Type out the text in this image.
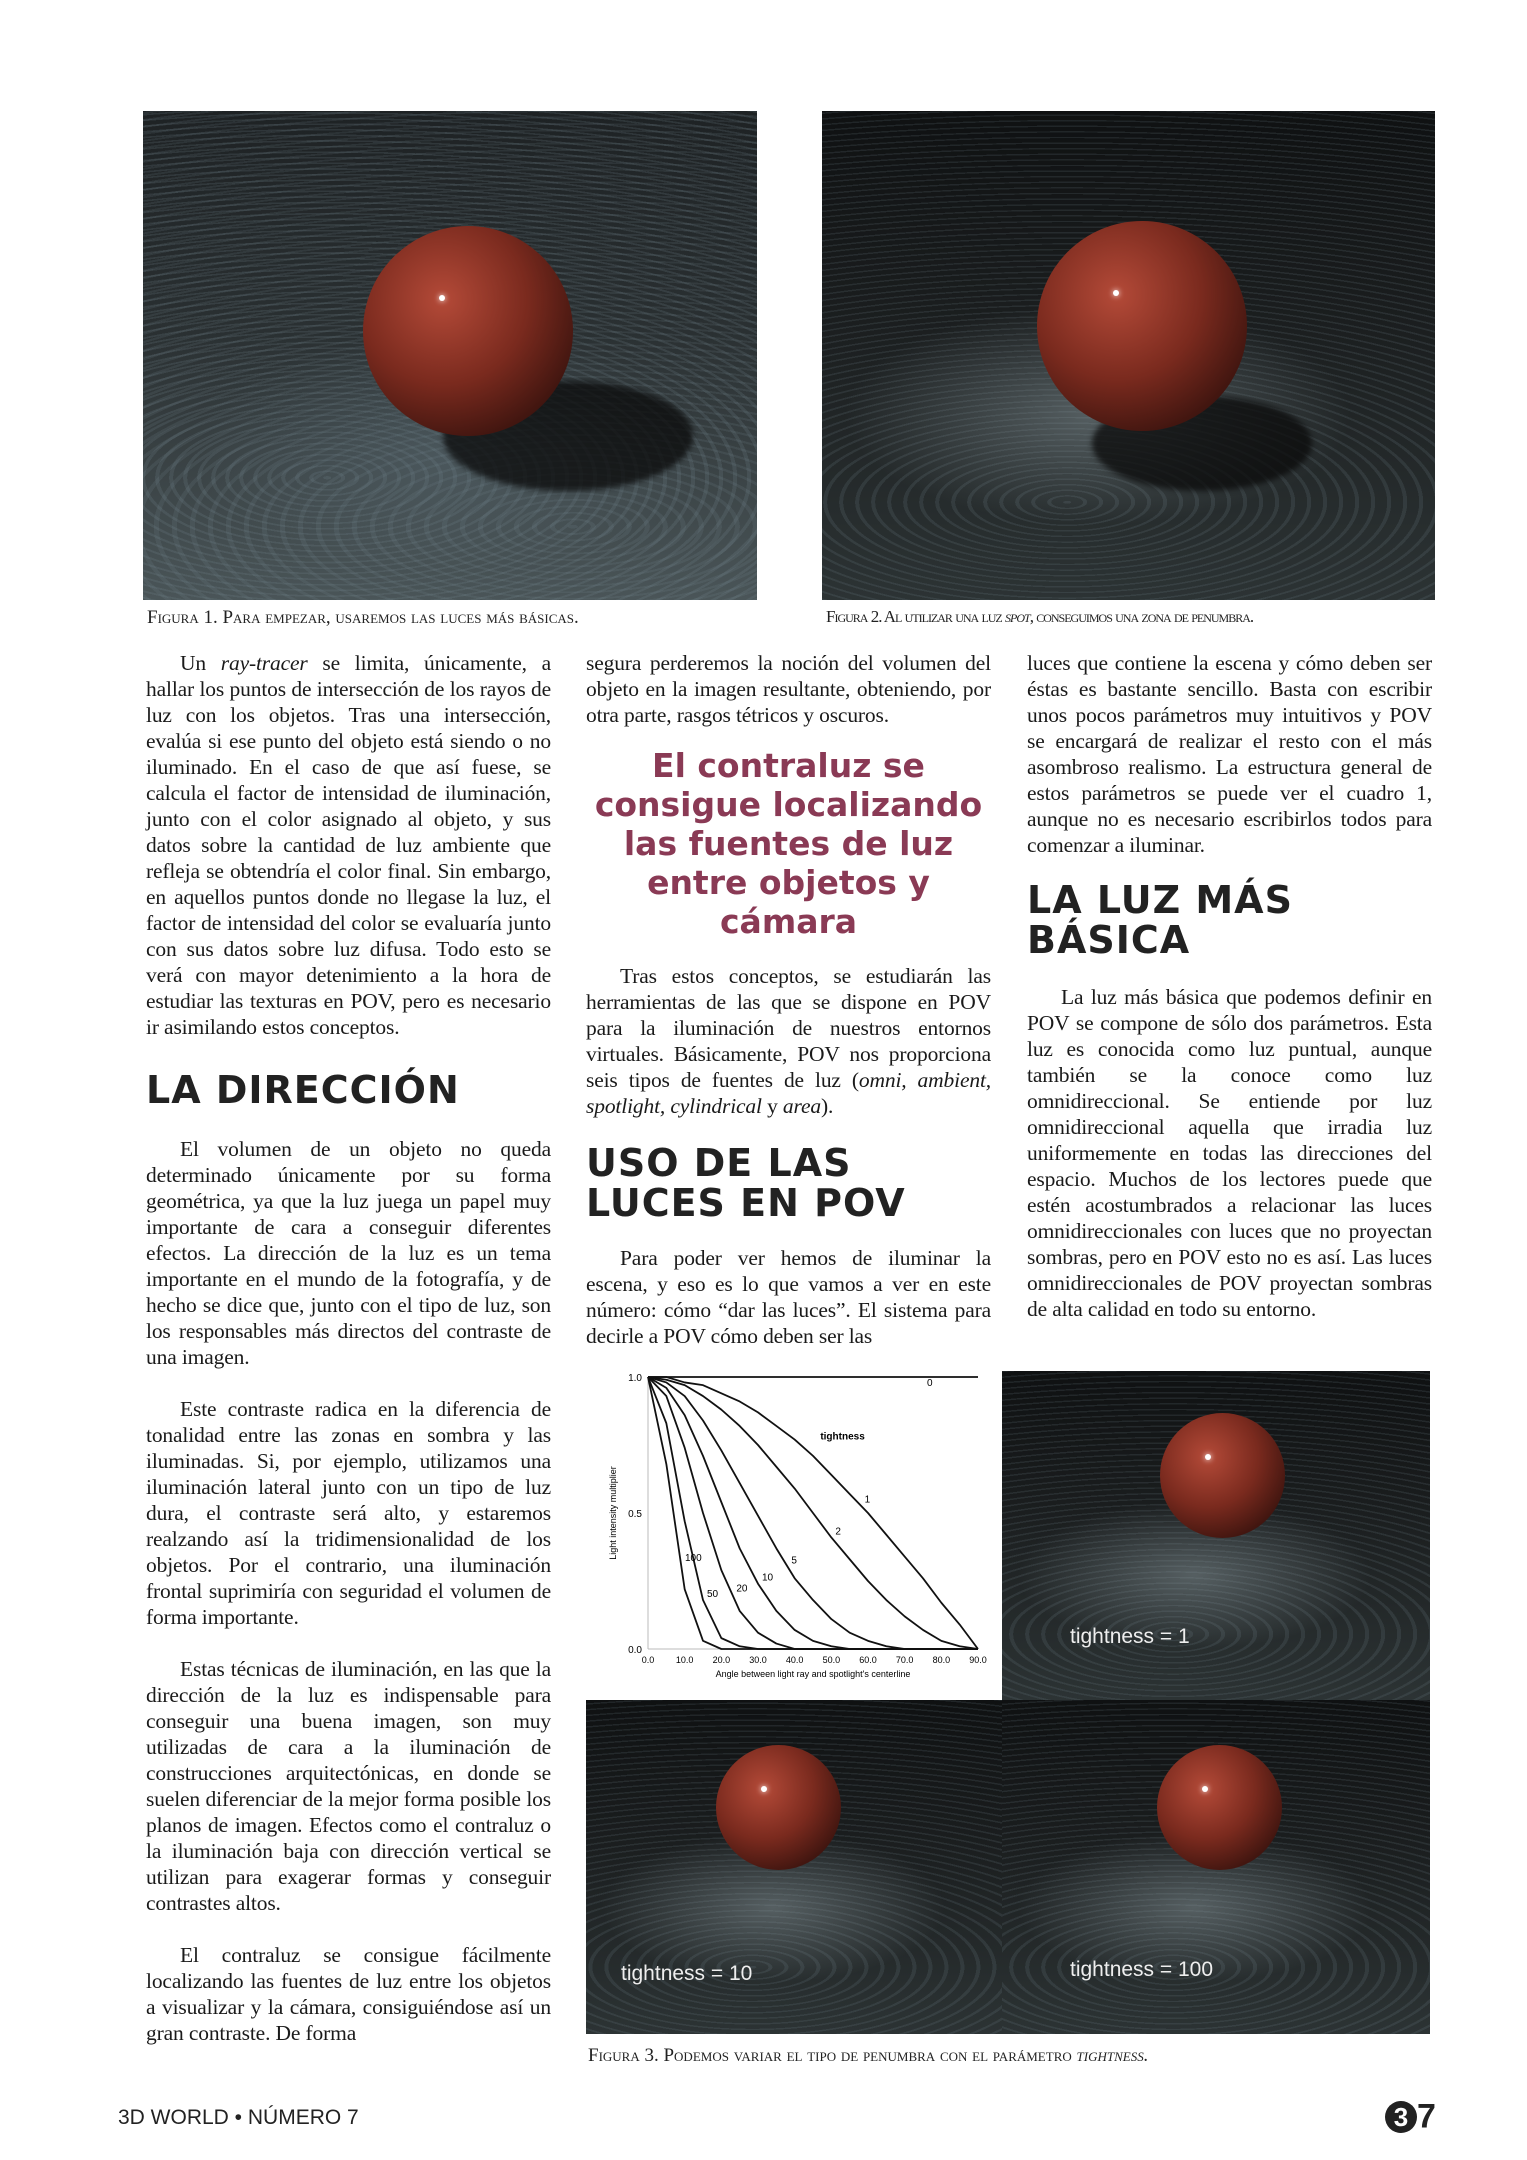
Figura 1. Para empezar, usaremos las luces más básicas.	Figura 2. Al utilizar una luz spot, conseguimos una zona de penumbra.

Un ray-tracer se limita, únicamente, a hallar los puntos de intersección de los rayos de luz con los objetos. Tras una intersección, evalúa si ese punto del objeto está siendo o no iluminado. En el caso de que así fuese, se calcula el factor de intensidad de iluminación, junto con el color asignado al objeto, y sus datos sobre la cantidad de luz ambiente que refleja se obtendría el color final. Sin embargo, en aquellos puntos donde no llegase la luz, el factor de intensidad del color se evaluaría junto con sus datos sobre luz difusa. Todo esto se verá con mayor detenimiento a la hora de estudiar las texturas en POV, pero es necesario ir asimilando estos conceptos.

LA DIRECCIÓN

El volumen de un objeto no queda determinado únicamente por su forma geométrica, ya que la luz juega un papel muy importante de cara a conseguir diferentes efectos. La dirección de la luz es un tema importante en el mundo de la fotografía, y de hecho se dice que, junto con el tipo de luz, son los responsables más directos del contraste de una imagen.

Este contraste radica en la diferencia de tonalidad entre las zonas en sombra y las iluminadas. Si, por ejemplo, utilizamos una iluminación lateral junto con un tipo de luz dura, el contraste será alto, y estaremos realzando así la tridimensionalidad de los objetos. Por el contrario, una iluminación frontal suprimiría con seguridad el volumen de forma importante.

Estas técnicas de iluminación, en las que la dirección de la luz es indispensable para conseguir una buena imagen, son muy utilizadas de cara a la iluminación de construcciones arquitectónicas, en donde se suelen diferenciar de la mejor forma posible los planos de imagen. Efectos como el contraluz o la iluminación baja con dirección vertical se utilizan para exagerar formas y conseguir contrastes altos.

El contraluz se consigue fácilmente localizando las fuentes de luz entre los objetos a visualizar y la cámara, consiguiéndose así un gran contraste. De forma

segura perderemos la noción del volumen del objeto en la imagen resultante, obteniendo, por otra parte, rasgos tétricos y oscuros.

El contraluz se consigue localizando las fuentes de luz entre objetos y cámara

Tras estos conceptos, se estudiarán las herramientas de las que se dispone en POV para la iluminación de nuestros entornos virtuales. Básicamente, POV nos proporciona seis tipos de fuentes de luz (omni, ambient, spotlight, cylindrical y area).

USO DE LAS LUCES EN POV

Para poder ver hemos de iluminar la escena, y eso es lo que vamos a ver en este número: cómo “dar las luces”. El sistema para decirle a POV cómo deben ser las

luces que contiene la escena y cómo deben ser éstas es bastante sencillo. Basta con escribir unos pocos parámetros muy intuitivos y POV se encargará de realizar el resto con el más asombroso realismo. La estructura general de estos parámetros se puede ver el cuadro 1, aunque no es necesario escribirlos todos para comenzar a iluminar.

LA LUZ MÁS BÁSICA

La luz más básica que podemos definir en POV se compone de sólo dos parámetros. Esta luz es conocida como luz puntual, aunque también se la conoce como luz omnidireccional. Se entiende por luz omnidireccional aquella que irradia luz uniformemente en todas las direcciones del espacio. Muchos de los lectores puede que estén acostumbrados a relacionar las luces omnidireccionales con luces que no proyectan sombras, pero en POV esto no es así. Las luces omnidireccionales de POV proyectan sombras de alta calidad en todo su entorno.

0.0 10.0 20.0 30.0 40.0 50.0 60.0 70.0 80.0 90.0
0.0
0.5
1.0
Angle between light ray and spotlight's centerline
Light intensity multiplier
tightness
0
1
2
5
10
20
50
100
tightness = 1
tightness = 10	tightness = 100
Figura 3. Podemos variar el tipo de penumbra con el parámetro tightness.
3D WORLD • NÚMERO 7	3 7
